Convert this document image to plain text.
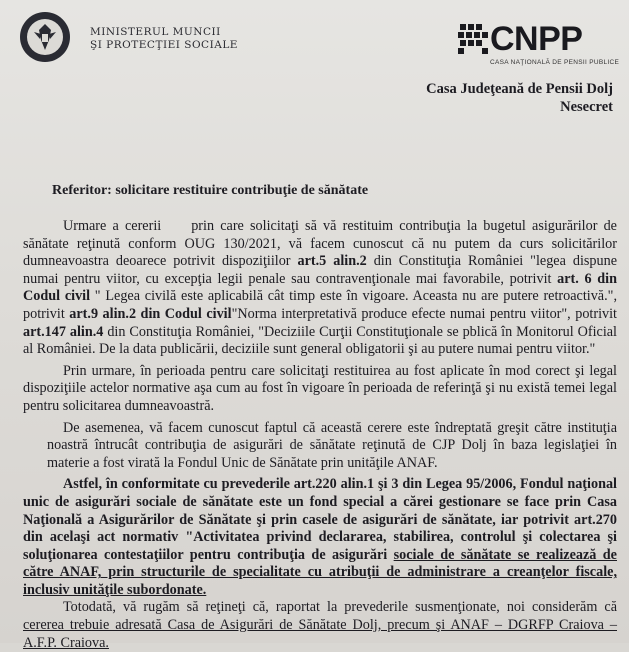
MINISTERUL MUNCII
ŞI PROTECŢIEI SOCIALE	CNPP
CASA NAŢIONALĂ DE PENSII PUBLICE
Casa Judeţeană de Pensii Dolj
Nesecret
Referitor: solicitare restituire contribuţie de sănătate

Urmare a cererii prin care solicitaţi să vă restituim contribuţia la bugetul asigurărilor de sănătate reţinută conform OUG 130/2021, vă facem cunoscut că nu putem da curs solicitărilor dumneavoastra deoarece potrivit dispoziţiilor art.5 alin.2 din Constituţia României "legea dispune numai pentru viitor, cu excepţia legii penale sau contravenţionale mai favorabile, potrivit art. 6 din Codul civil " Legea civilă este aplicabilă cât timp este în vigoare. Aceasta nu are putere retroactivă.", potrivit art.9 alin.2 din Codul civil"Norma interpretativă produce efecte numai pentru viitor", potrivit art.147 alin.4 din Constituţia României, "Deciziile Curţii Constituţionale se pblică în Monitorul Oficial al României. De la data publicării, deciziile sunt general obligatorii şi au putere numai pentru viitor."

Prin urmare, în perioada pentru care solicitaţi restituirea au fost aplicate în mod corect şi legal dispoziţiile actelor normative aşa cum au fost în vigoare în perioada de referinţă şi nu există temei legal pentru solicitarea dumneavoastră.

De asemenea, vă facem cunoscut faptul că această cerere este îndreptată greşit către instituţia noastră întrucât contribuţia de asigurări de sănătate reţinută de CJP Dolj în baza legislaţiei în materie a fost virată la Fondul Unic de Sănătate prin unităţile ANAF.

Astfel, în conformitate cu prevederile art.220 alin.1 şi 3 din Legea 95/2006, Fondul naţional unic de asigurări sociale de sănătate este un fond special a cărei gestionare se face prin Casa Naţională a Asigurărilor de Sănătate şi prin casele de asigurări de sănătate, iar potrivit art.270 din acelaşi act normativ "Activitatea privind declararea, stabilirea, controlul şi colectarea şi soluţionarea contestaţiilor pentru contribuţia de asigurări sociale de sănătate se realizează de către ANAF, prin structurile de specialitate cu atribuţii de administrare a creanţelor fiscale, inclusiv unităţile subordonate.

Totodată, vă rugăm să reţineţi că, raportat la prevederile susmenţionate, noi considerăm că cererea trebuie adresată Casa de Asigurări de Sănătate Dolj, precum şi ANAF – DGRFP Craiova – A.F.P. Craiova.
